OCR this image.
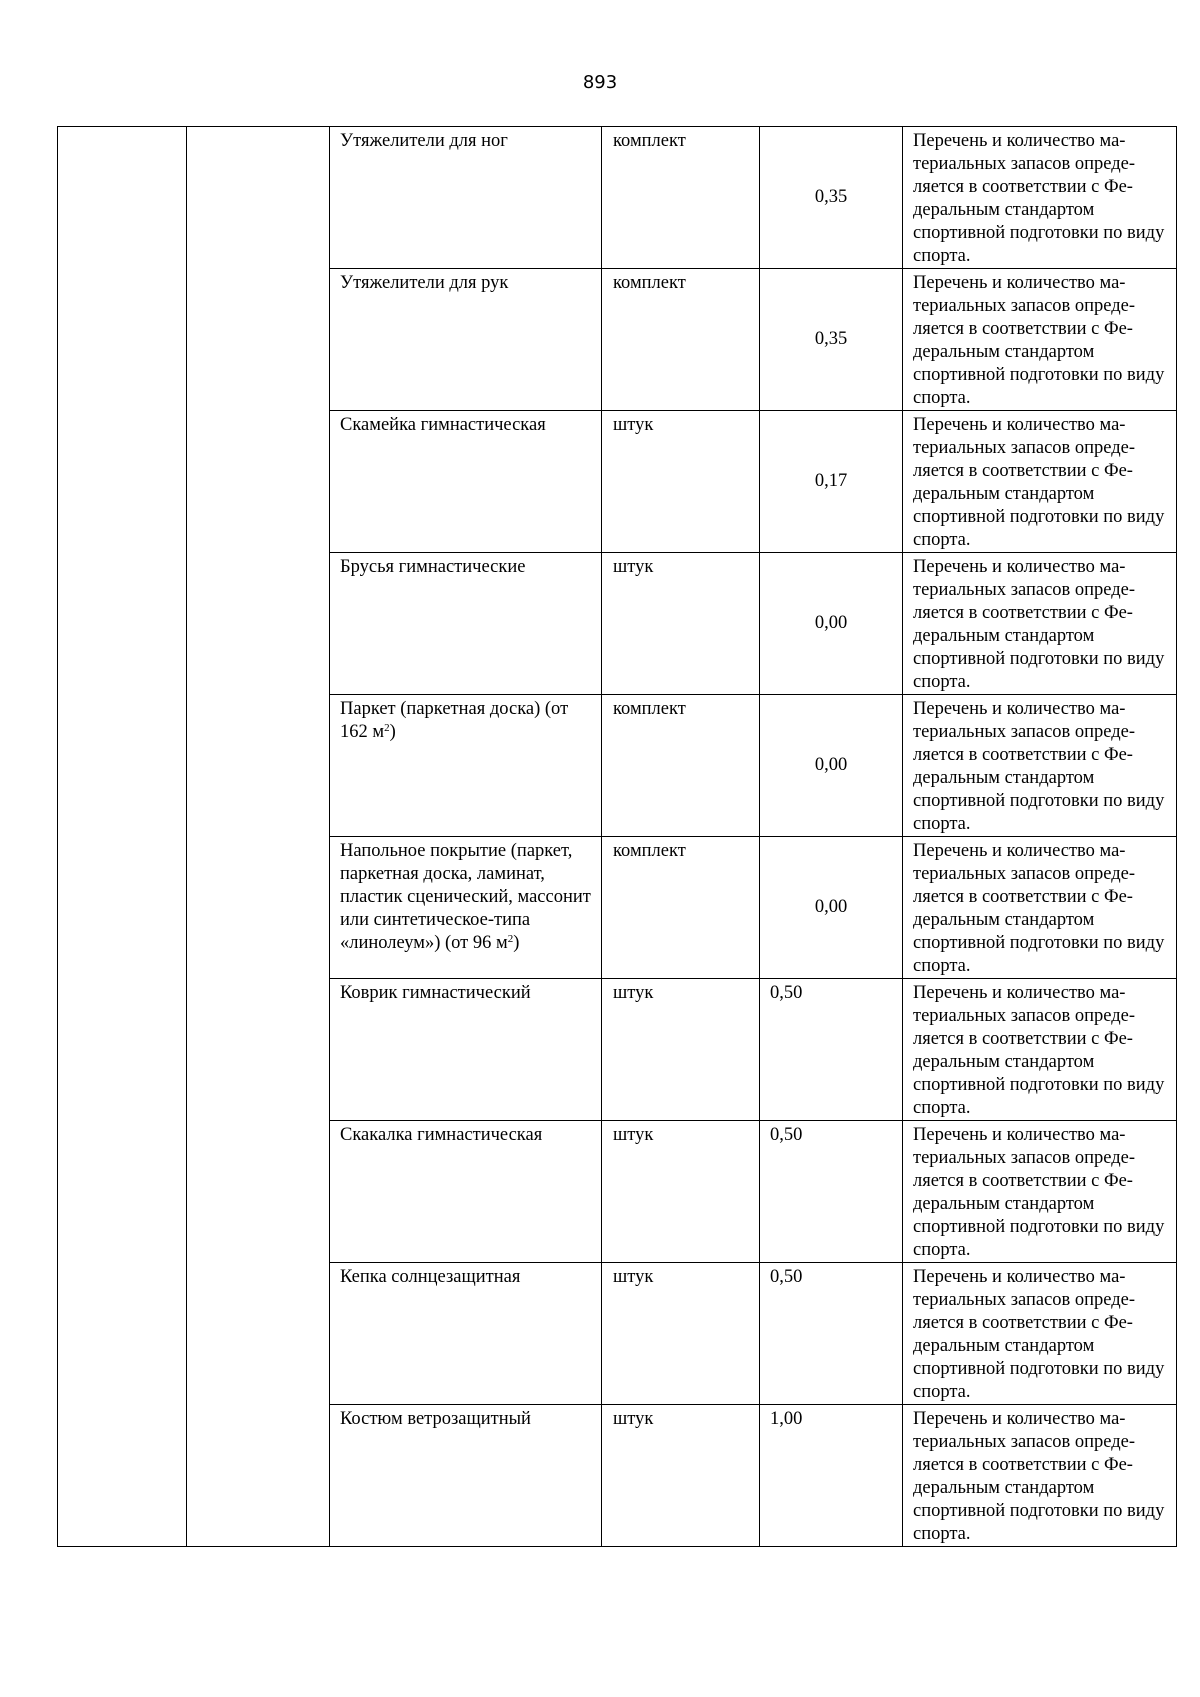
893
		Утяжелители для ног	комплект	0,35	Перечень и количество ма-териальных запасов опреде-ляется в соответствии с Фе-деральным стандартом спортивной подготовки по виду спорта.
		Утяжелители для рук	комплект	0,35	Перечень и количество ма-териальных запасов опреде-ляется в соответствии с Фе-деральным стандартом спортивной подготовки по виду спорта.
		Скамейка гимнастическая	штук	0,17	Перечень и количество ма-териальных запасов опреде-ляется в соответствии с Фе-деральным стандартом спортивной подготовки по виду спорта.
		Брусья гимнастические	штук	0,00	Перечень и количество ма-териальных запасов опреде-ляется в соответствии с Фе-деральным стандартом спортивной подготовки по виду спорта.
		Паркет (паркетная доска) (от 162 $м^2$)	комплект	0,00	Перечень и количество ма-териальных запасов опреде-ляется в соответствии с Фе-деральным стандартом спортивной подготовки по виду спорта.
		Напольное покрытие (паркет, паркетная доска, ламинат, пластик сценический, массонит или синтетическое-типа «линолеум») (от 96 $м^2$)	комплект	0,00	Перечень и количество ма-териальных запасов опреде-ляется в соответствии с Фе-деральным стандартом спортивной подготовки по виду спорта.
		Коврик гимнастический	штук	0,50	Перечень и количество ма-териальных запасов опреде-ляется в соответствии с Фе-деральным стандартом спортивной подготовки по виду спорта.
		Скакалка гимнастическая	штук	0,50	Перечень и количество ма-териальных запасов опреде-ляется в соответствии с Фе-деральным стандартом спортивной подготовки по виду спорта.
		Кепка солнцезащитная	штук	0,50	Перечень и количество ма-териальных запасов опреде-ляется в соответствии с Фе-деральным стандартом спортивной подготовки по виду спорта.
		Костюм ветрозащитный	штук	1,00	Перечень и количество ма-териальных запасов опреде-ляется в соответствии с Фе-деральным стандартом спортивной подготовки по виду спорта.
